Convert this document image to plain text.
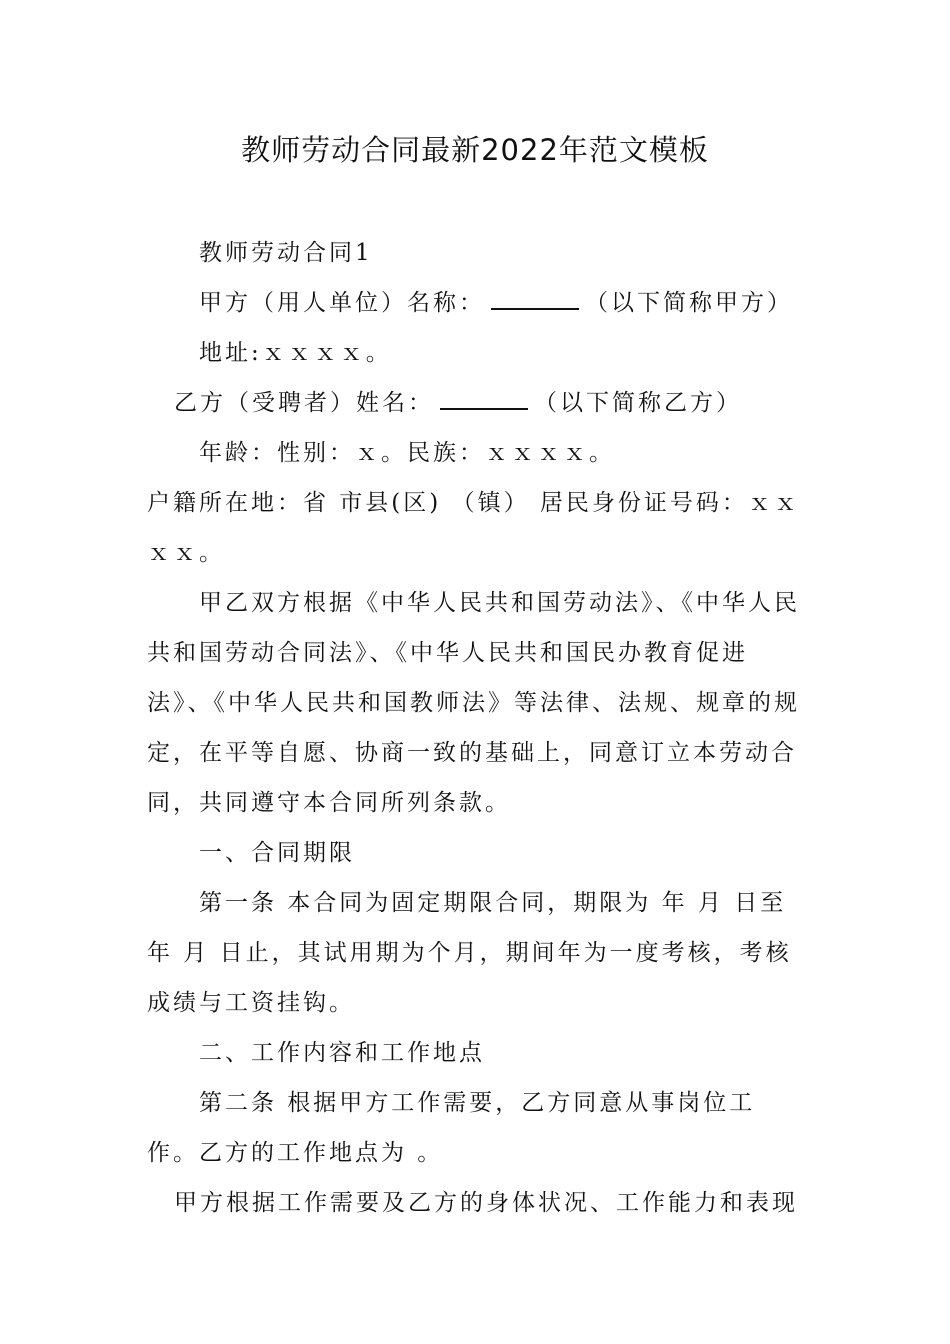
教师劳动合同最新2022年范文模板

教师劳动合同1

甲方（用人单位）名称：	（以下简称甲方）

地址:ｘｘｘｘ。

乙方（受聘者）姓名：	（以下简称乙方）

年龄：性别：ｘ。民族：ｘｘｘｘ。

户籍所在地：省 市县(区) （镇） 居民身份证号码：ｘｘｘｘ。

甲乙双方根据《中华人民共和国劳动法》、《中华人民共和国劳动合同法》、《中华人民共和国民办教育促进法》、《中华人民共和国教师法》等法律、法规、规章的规定，在平等自愿、协商一致的基础上，同意订立本劳动合同，共同遵守本合同所列条款。

一、合同期限

第一条 本合同为固定期限合同，期限为 年 月 日至 年 月 日止，其试用期为个月，期间年为一度考核，考核成绩与工资挂钩。

二、工作内容和工作地点

第二条 根据甲方工作需要，乙方同意从事岗位工作。乙方的工作地点为 。

甲方根据工作需要及乙方的身体状况、工作能力和表现
